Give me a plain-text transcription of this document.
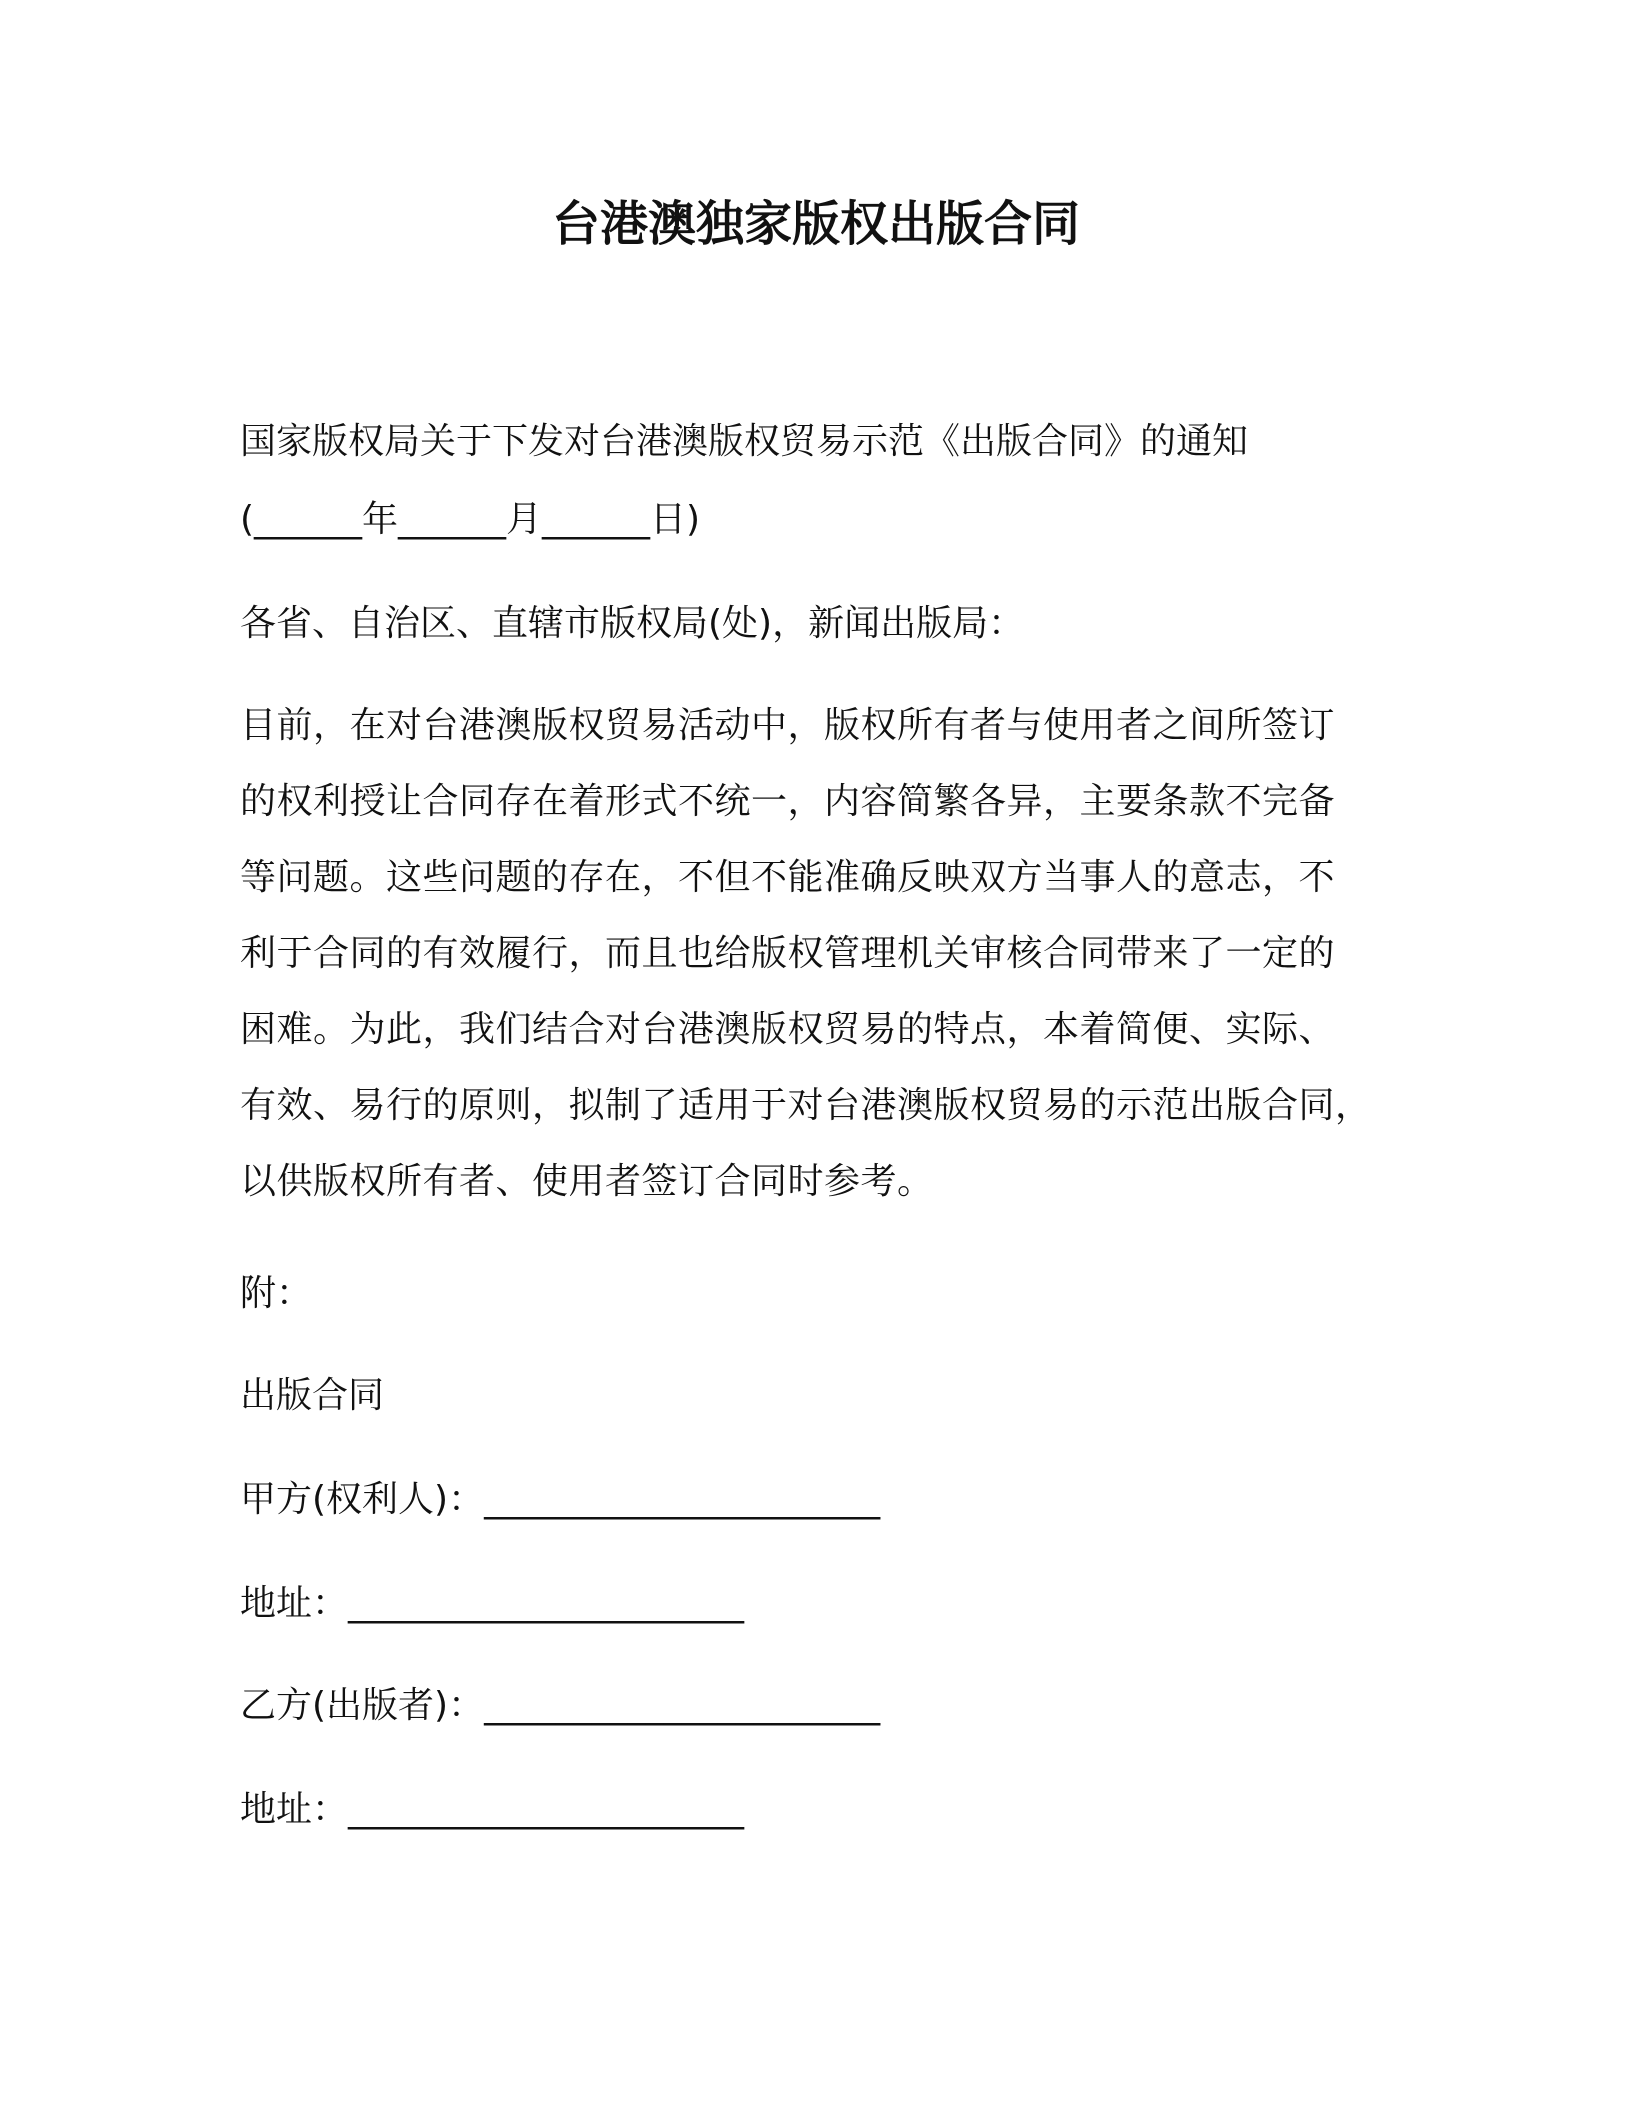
台港澳独家版权出版合同
国家版权局关于下发对台港澳版权贸易示范《出版合同》的通知
(______年______月______日)
各省、自治区、直辖市版权局(处)，新闻出版局：
目前，在对台港澳版权贸易活动中，版权所有者与使用者之间所签订
的权利授让合同存在着形式不统一，内容简繁各异，主要条款不完备
等问题。这些问题的存在，不但不能准确反映双方当事人的意志，不
利于合同的有效履行，而且也给版权管理机关审核合同带来了一定的
困难。为此，我们结合对台港澳版权贸易的特点，本着简便、实际、
有效、易行的原则，拟制了适用于对台港澳版权贸易的示范出版合同，
以供版权所有者、使用者签订合同时参考。
附：
出版合同
甲方(权利人)：______________________
地址：______________________
乙方(出版者)：______________________
地址：______________________
